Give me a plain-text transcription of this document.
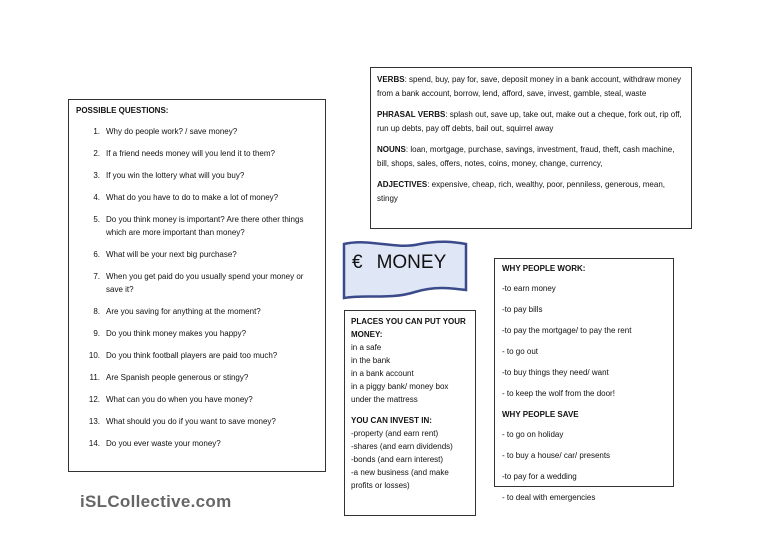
POSSIBLE QUESTIONS:
1. Why do people work? / save money?
2. If a friend needs money will you lend it to them?
3. If you win the lottery what will you buy?
4. What do you have to do to make a lot of money?
5. Do you think money is important? Are there other things which are more important than money?
6. What will be your next big purchase?
7. When you get paid do you usually spend your money or save it?
8. Are you saving for anything at the moment?
9. Do you think money makes you happy?
10. Do you think football players are paid too much?
11. Are Spanish people generous or stingy?
12. What can you do when you have money?
13. What should you do if you want to save money?
14. Do you ever waste your money?

VERBS: spend, buy, pay for, save, deposit money in a bank account, withdraw money from a bank account, borrow, lend, afford, save, invest, gamble, steal, waste

PHRASAL VERBS: splash out, save up, take out, make out a cheque, fork out, rip off, run up debts, pay off debts, bail out, squirrel away

NOUNS: loan, mortgage, purchase, savings, investment, fraud, theft, cash machine, bill, shops, sales, offers, notes, coins, money, change, currency,

ADJECTIVES: expensive, cheap, rich, wealthy, poor, penniless, generous, mean, stingy

€ MONEY
PLACES YOU CAN PUT YOUR MONEY:
in a safe
in the bank
in a bank account
in a piggy bank/ money box
under the mattress
YOU CAN INVEST IN:
-property (and earn rent)
-shares (and earn dividends)
-bonds (and earn interest)
-a new business (and make profits or losses)
WHY PEOPLE WORK:
-to earn money
-to pay bills
-to pay the mortgage/ to pay the rent
- to go out
-to buy things they need/ want
- to keep the wolf from the door!
WHY PEOPLE SAVE
- to go on holiday
- to buy a house/ car/ presents
-to pay for a wedding
- to deal with emergencies
iSLCollective.com
